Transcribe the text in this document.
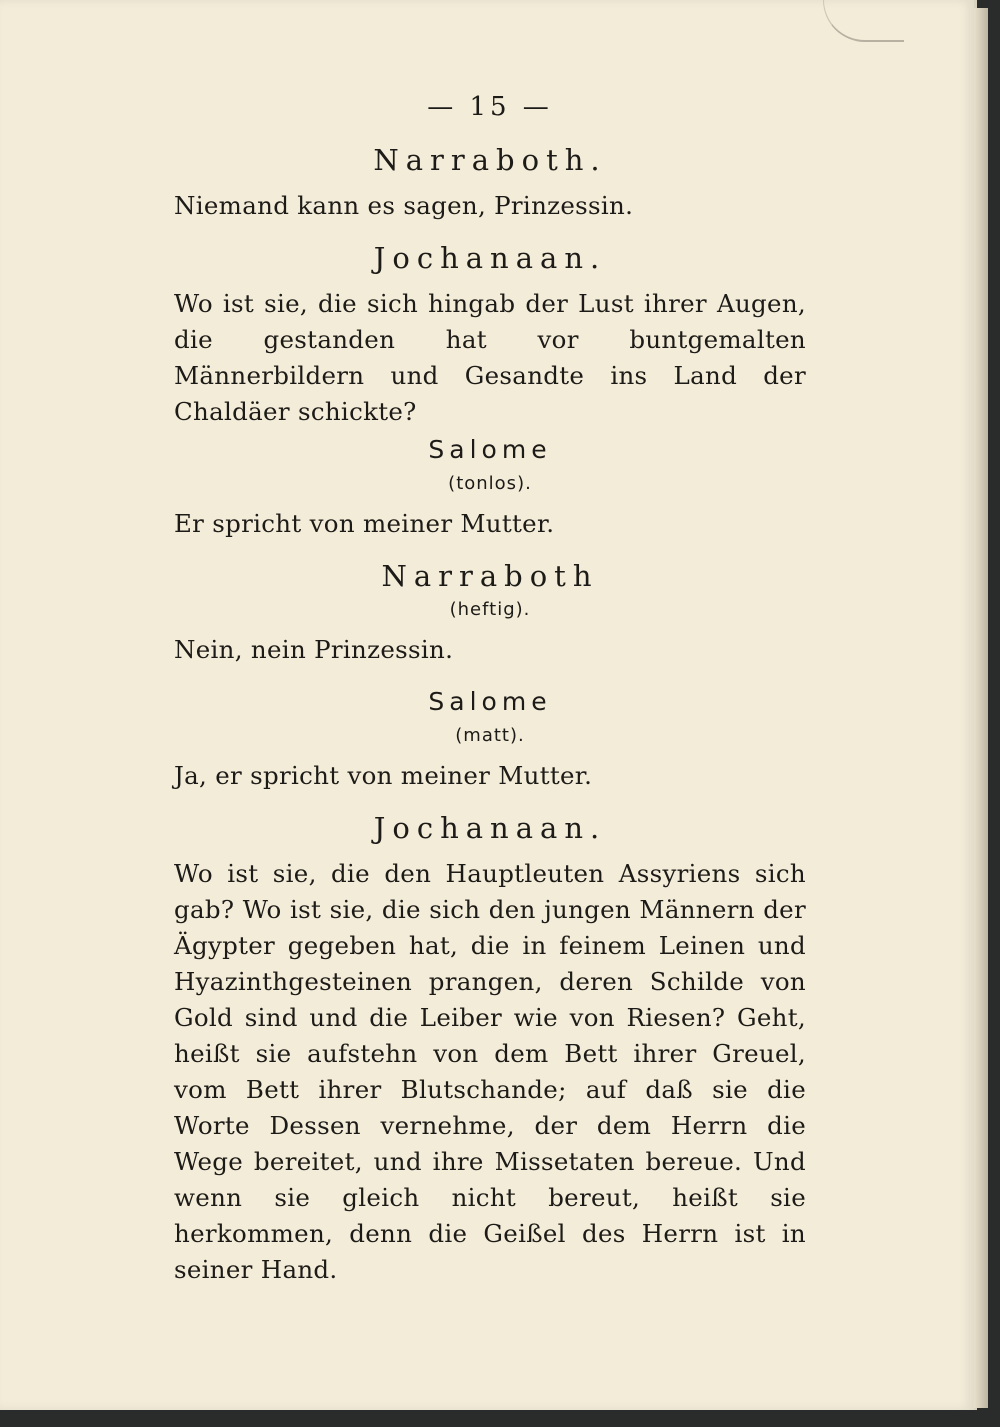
— 15 —
Narraboth.
Niemand kann es sagen, Prinzessin.
Jochanaan.
Wo ist sie, die sich hingab der Lust ihrer Augen, die gestanden hat vor buntgemalten Männerbildern und Gesandte ins Land der Chaldäer schickte?
Salome
(tonlos).
Er spricht von meiner Mutter.
Narraboth
(heftig).
Nein, nein Prinzessin.
Salome
(matt).
Ja, er spricht von meiner Mutter.
Jochanaan.
Wo ist sie, die den Hauptleuten Assyriens sich gab? Wo ist sie, die sich den jungen Männern der Ägypter gegeben hat, die in feinem Leinen und Hyazinthgesteinen prangen, deren Schilde von Gold sind und die Leiber wie von Riesen? Geht, heißt sie aufstehn von dem Bett ihrer Greuel, vom Bett ihrer Blutschande; auf daß sie die Worte Dessen vernehme, der dem Herrn die Wege bereitet, und ihre Missetaten bereue. Und wenn sie gleich nicht bereut, heißt sie herkommen, denn die Geißel des Herrn ist in seiner Hand.
